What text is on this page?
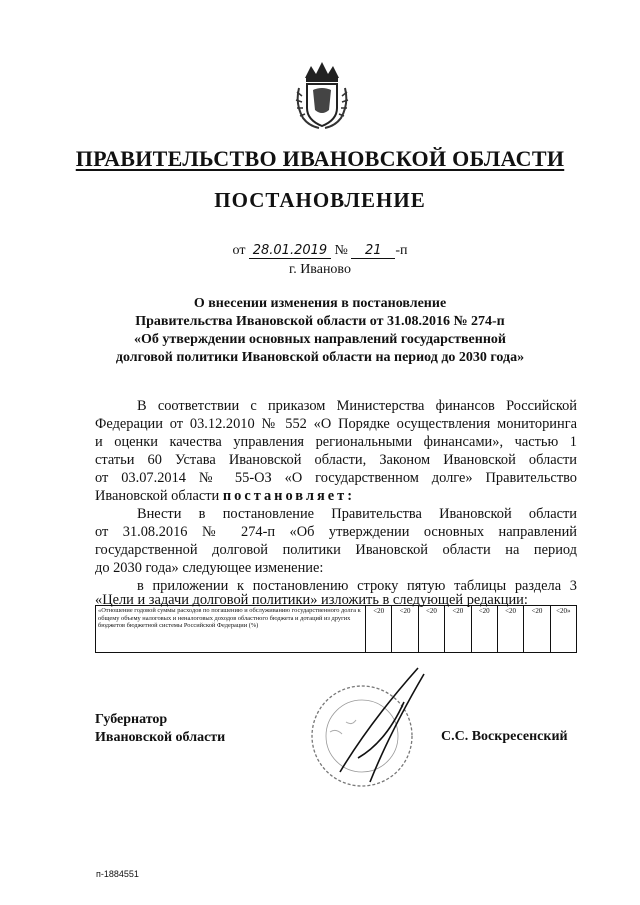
ПРАВИТЕЛЬСТВО ИВАНОВСКОЙ ОБЛАСТИ
ПОСТАНОВЛЕНИЕ
от 28.01.2019 № 21 -п
г. Иваново
О внесении изменения в постановление
Правительства Ивановской области от 31.08.2016 № 274-п
«Об утверждении основных направлений государственной
долговой политики Ивановской области на период до 2030 года»
В соответствии с приказом Министерства финансов Российской
Федерации от 03.12.2010 № 552 «О Порядке осуществления мониторинга
и оценки качества управления региональными финансами», частью 1
статьи 60 Устава Ивановской области, Законом Ивановской области
от 03.07.2014 № 55-ОЗ «О государственном долге» Правительство
Ивановской области постановляет:
Внести в постановление Правительства Ивановской области
от 31.08.2016 № 274-п «Об утверждении основных направлений
государственной долговой политики Ивановской области на период
до 2030 года» следующее изменение:
в приложении к постановлению строку пятую таблицы раздела 3
«Цели и задачи долговой политики» изложить в следующей редакции:
«Отношение годовой суммы расходов по погашению и обслуживанию государственного долга к общему объему налоговых и неналоговых доходов областного бюджета и дотаций из других бюджетов бюджетной системы Российской Федерации (%)	<20	<20	<20	<20	<20	<20	<20	<20»
Губернатор
Ивановской области	С.С. Воскресенский
п-1884551
